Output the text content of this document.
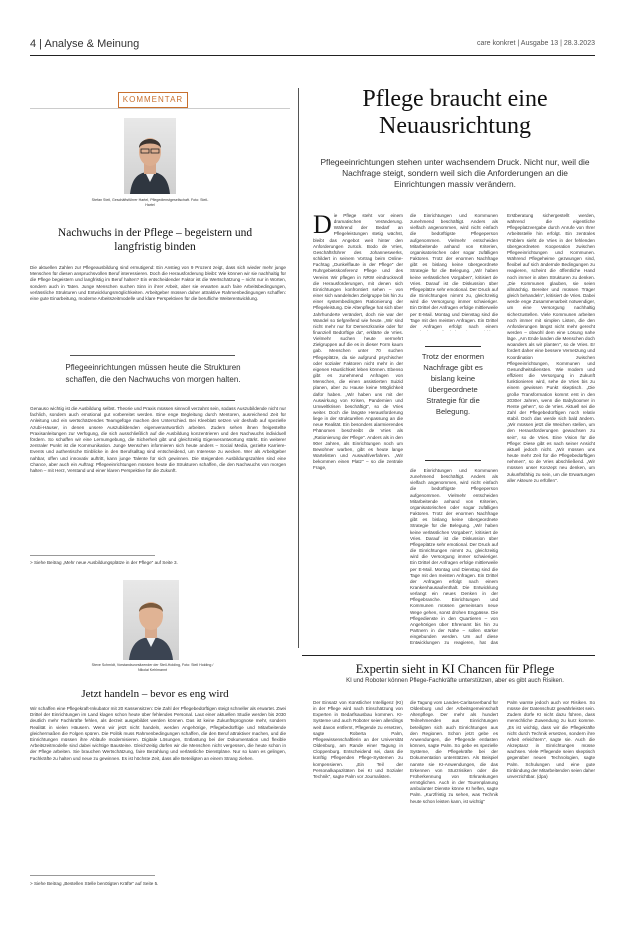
4 | Analyse & Meinung	care konkret | Ausgabe 13 | 28.3.2023
KOMMENTAR
Stefan Steil, Geschäftsführer Hartel, Pflegedienstgesellschaft. Foto: Steil-Hartel
Nachwuchs in der Pflege – begeistern und langfristig binden
Die aktuellen Zahlen zur Pflegeausbildung sind ermutigend: Ein Anstieg von 9 Prozent zeigt, dass sich wieder mehr junge Menschen für diesen anspruchsvollen Beruf interessieren. Doch die Herausforderung bleibt: Wie können wir sie nachhaltig für die Pflege begeistern und langfristig im Beruf halten? Ein entscheidender Faktor ist die Wertschätzung – nicht nur in Worten, sondern auch in Taten. Junge Menschen suchen Sinn in ihrer Arbeit, aber sie erwarten auch faire Arbeitsbedingungen, verlässliche Strukturen und Entwicklungsmöglichkeiten. Arbeitgeber müssen daher attraktive Rahmenbedingungen schaffen: eine gute Einarbeitung, moderne Arbeitszeitmodelle und klare Perspektiven für die berufliche Weiterentwicklung.
Pflegeeinrichtungen müssen heute die Strukturen schaffen, die den Nachwuchs von morgen halten.
Genauso wichtig ist die Ausbildung selbst. Theorie und Praxis müssen sinnvoll verzahnt sein, sodass Auszubildende nicht nur fachlich, sondern auch emotional gut vorbereitet werden. Eine enge Begleitung durch Mentoren, ausreichend Zeit für Anleitung und ein wertschätzendes Teamgefüge machen den Unterschied. Bei Kleeblatt setzen wir deshalb auf spezielle Azubi-Häuser, in denen unsere Auszubildenden eigenverantwortlich arbeiten. Zudem sehen ihnen freigestellte Praxisanleitungen zur Verfügung, die sich ausschließlich auf die Ausbildung konzentrieren und den Nachwuchs individuell fördern. So schaffen wir eine Lernumgebung, die Sicherheit gibt und gleichzeitig Eigenverantwortung stärkt. Ein weiterer zentraler Punkt ist die Kommunikation. Junge Menschen informieren sich heute anders – Social Media, gezielte Karriere-Events und authentische Einblicke in den Berufsalltag sind entscheidend, um Interesse zu wecken. Wer als Arbeitgeber nahbar, offen und innovativ auftritt, kann junge Talente für sich gewinnen. Die steigenden Ausbildungszahlen sind eine Chance, aber auch ein Auftrag: Pflegeeinrichtungen müssen heute die Strukturen schaffen, die den Nachwuchs von morgen halten – mit Herz, Verstand und einer klaren Perspektive für die Zukunft.
> Siehe Beitrag „Mehr neue Ausbildungsplätze in der Pflege" auf Seite 3.
Steve Schmidt, Vorstandsvorsitzender der Steil-Holding, Foto: Steil Holding / Nikolai Kehlmannt
Jetzt handeln – bevor es eng wird
Wir schaffen eine Pflegekraft-Inkubator mit 20 Kassensitzen: Die Zahl der Pflegebedürftigen steigt schneller als erwartet. Zwei Drittel der Einrichtungen im Land klagen schon heute über fehlendes Personal. Laut einer aktuellen Studie werden bis 2030 deutlich mehr Fachkräfte fehlen, als derzeit ausgebildet werden können. Das ist keine Zukunftsprognose mehr, sondern Realität in vielen Häusern. Wenn wir jetzt nicht handeln, werden Angehörige, Pflegebedürftige und Mitarbeitende gleichermaßen die Folgen spüren. Die Politik muss Rahmenbedingungen schaffen, die den Beruf attraktiver machen, und die Einrichtungen müssen ihre Abläufe modernisieren. Digitale Lösungen, Entlastung bei der Dokumentation und flexible Arbeitszeitmodelle sind dabei wichtige Bausteine. Gleichzeitig dürfen wir die Menschen nicht vergessen, die heute schon in der Pflege arbeiten. Sie brauchen Wertschätzung, faire Bezahlung und verlässliche Dienstpläne. Nur so kann es gelingen, Fachkräfte zu halten und neue zu gewinnen. Es ist höchste Zeit, dass alle Beteiligten an einem Strang ziehen.
> Siehe Beitrag „Bestellen Stelle benötigten Kräfte" auf Seite 5.
Pflege braucht eine Neuausrichtung
Pflegeeinrichtungen stehen unter wachsendem Druck. Nicht nur, weil die Nachfrage steigt, sondern weil sich die Anforderungen an die Einrichtungen massiv verändern.
Die Pflege steht vor einem dramatischen Veränderung. Während der Bedarf an Pflegeleistungen stetig wächst, bleibt das Angebot weit hinter den Anforderungen zurück. Bodo de Vries, Geschäftsführer des Johanneswerks, schildert in seinem Vortrag beim Online-Fachtag „Dunkelflaute in der Pflege" der Ruhrgebietskonferenz Pflege und des Vereins Wir pflegen in NRW eindrucksvoll die Herausforderungen, mit denen sich Einrichtungen konfrontiert sehen – von einer sich wandelnden Zielgruppe bis hin zu einer systembedingten Rationierung der Pflegeleistung. Die Altenpflege hat sich über Jahrhunderte verändert, doch nie war der Wandel so tiefgreifend wie heute. „Wir sind nicht mehr nur für Demenzkranke oder für finanziell Bedürftige da", erklärte de Vries. Vielmehr suchen heute vermehrt Zielgruppen auf die es in dieser Form kaum gab. Menschen unter 70 suchen Pflegeplätze, da sie aufgrund psychischer oder sozialer Faktoren nicht mehr in der eigenen Häuslichkeit leben können. Ebenso gibt es zunehmend Anfragen von Menschen, die einen assistierten Suizid planen, aber zu Hause keine Möglichkeit dafür haben. „Wir haben uns mit der Auswirkung von Krisen, Pandemien und Umweltkrisen beschäftigt", so de Vries weiter. Doch die längste Herausforderung liege in der strukturellen Anpassung an die neue Realität. Ein besonders alarmierendes Phänomen beschreibt de Vries als „Rationierung der Pflege". Anders als in den 90er Jahren, als Einrichtungen noch um Bewohner warben, gibt es heute lange Wartelisten und Auswahlverfahren. „Wir bekommen einen Platz" – so die zentrale Frage,
die Einrichtungen und Kommunen zunehmend beschäftigt. Anders als vielfach angenommen, wird nicht einfach die bedürftigste Pflegeperson aufgenommen. Vielmehr entscheiden Mitarbeitende anhand von Kriterien, organisatorischen oder sogar zufälligen Faktoren. Trotz der enormen Nachfrage gibt es bislang keine übergeordnete Strategie für die Belegung. „Wir haben keine verlässlichen Vorgaben", kritisiert de Vries. Darauf ist die Diskussion über Pflegeplätze sehr emotional. Der Druck auf die Einrichtungen nimmt zu, gleichzeitig wird die Versorgung immer schwieriger. Ein Drittel der Anfragen erfolge mittlerweile per E-Mail. Montag und Dienstag sind die Tage mit den meisten Anfragen. Ein Drittel der Anfragen erfolgt nach einem
Trotz der enormen Nachfrage gibt es bislang keine übergeordnete Strategie für die Belegung.
die Einrichtungen und Kommunen zunehmend beschäftigt. Anders als vielfach angenommen, wird nicht einfach die bedürftigste Pflegeperson aufgenommen. Vielmehr entscheiden Mitarbeitende anhand von Kriterien, organisatorischen oder sogar zufälligen Faktoren. Trotz der enormen Nachfrage gibt es bislang keine übergeordnete Strategie für die Belegung. „Wir haben keine verlässlichen Vorgaben", kritisiert de Vries. Darauf ist die Diskussion über Pflegeplätze sehr emotional. Der Druck auf die Einrichtungen nimmt zu, gleichzeitig wird die Versorgung immer schwieriger. Ein Drittel der Anfragen erfolge mittlerweile per E-Mail. Montag und Dienstag sind die Tage mit den meisten Anfragen. Ein Drittel der Anfragen erfolgt nach einem Krankenhausaufenthalt. Die Entwicklung verlangt ein neues Denken in der Pflegebranche. Einrichtungen und Kommunen müssen gemeinsam neue Wege gehen, sonst drohen Engpässe. Die Pflegedienste in den Quartieren – von Angehörigen über Ehrenamt bis hin zu Partnern in der Nähe – sollen stärker eingebunden werden. Um auf diese Entwicklungen zu reagieren, hat das
Erstberatung sichergestellt werden, während die eigentliche Pflegeplatzvergabe durch Anrufe von Ihrer Arbeitsstelle hin erfolgt. Ein zentrales Problem sieht de Vries in der fehlenden übergeordneten Kooperation zwischen Pflegeeinrichtungen und Kommunen. Während Pflegeheime gezwungen sind, flexibel auf sich ändernde Bedingungen zu reagieren, scheint die öffentliche Hand noch immer in alten Strukturen zu denken. „Die Kommunen glauben, sie seien allmächtig. Bereiter und müssen Träger gleich behandeln", kritisiert de Vries. Dabei werde enge Zusammenarbeit notwendiger, um eine Versorgung nachhaltig sicherzustellen. Viele Kommunen arbeiten noch immer mit simplen Listen, die den Anforderungen längst nicht mehr gerecht werden – obwohl dem eine Lösung nahe läge. „Am Ende landen die Menschen doch woanders als wir planten", so de Vries. Er fordert daher eine bessere Vernetzung und Koordination zwischen Pflegeeinrichtungen, Kommunen und Gesundheitsdiensten. Wie modern und effizient die Versorgung in Zukunft funktionieren wird, sehe de Vries bis zu einem gewissen Punkt skeptisch. „Die große Transformation kommt erst in den 2030er Jahren, wenn die Babyboomer in Rente gehen", so de Vries. Aktuell sei die Zahl der Pflegebedürftigen noch relativ stabil. Doch das werde sich bald ändern. „Wir müssen jetzt die Weichen stellen, um den Herausforderungen gewachsen zu sein", so de Vries. Eine Vision für die Pflege: Diese gibt es nach seiner Ansicht aktuell jedoch nicht. „Wir müssen uns heute mehr Zeit für die Pflegebedürftigen nehmen", so de Vries abschließend. „Wir müssen unser Konzept neu denken, um zukunftsfähig zu sein, um die Erwartungen aller Akteure zu erfüllen".
Expertin sieht in KI Chancen für Pflege
KI und Roboter können Pflege-Fachkräfte unterstützen, aber es gibt auch Risiken.
Der Einsatz von Künstlicher Intelligenz (KI) in der Pflege wird nach Einschätzung von Experten in Bedarfsausbau kommen. KI-Systeme und auch Roboter seien allerdings weit davon entfernt, Pflegende zu ersetzen, sagte Roberta Palm, Pflegewissenschaftlerin an der Universität Oldenburg, am Rande einer Tagung in Cloppenburg. Entscheidend sei, dass die künftig Pflegenden Pflege-Systemen zu kompensieren. „Ein Teil der Personalkapazitäten bei KI und Sozialer Technik", sagte Palm vor Journalisten.
die Tagung vom Landes-Caritasverband für Oldenburg und der Arbeitsgemeinschaft Altenpflege. Der mehr als hundert Teilnehmenden aus Einrichtungen beteiligten sich auch Einrichtungen aus den Regionen. Schon jetzt gebe es Anwendungen, die Pflegende entlasten können, sagte Palm. So gebe es spezielle Systeme, die Pflegekräfte bei der Dokumentation unterstützen. Als Beispiel nannte sie KI-Anwendungen, die das Erkennen von Sturzrisiken oder die Früherkennung von Erkrankungen ermöglichen. Auch in der Tourenplanung ambulanter Dienste könne KI helfen, sagte Palm. „Kurzfristig zu sehen, was Technik heute schon leisten kann, ist wichtig"
Palm warnte jedoch auch vor Risiken. So müsse der Datenschutz gewährleistet sein. Zudem dürfe KI nicht dazu führen, dass menschliche Zuwendung zu kurz komme. „Es ist wichtig, dass wir die Pflegekräfte nicht durch Technik ersetzen, sondern ihre Arbeit erleichtern", sagte sie. Auch die Akzeptanz in Einrichtungen müsse wachsen. Viele Pflegende seien skeptisch gegenüber neuen Technologien, sagte Palm. Schulungen und eine gute Einbindung der Mitarbeitenden seien daher unverzichtbar. (dpa)
